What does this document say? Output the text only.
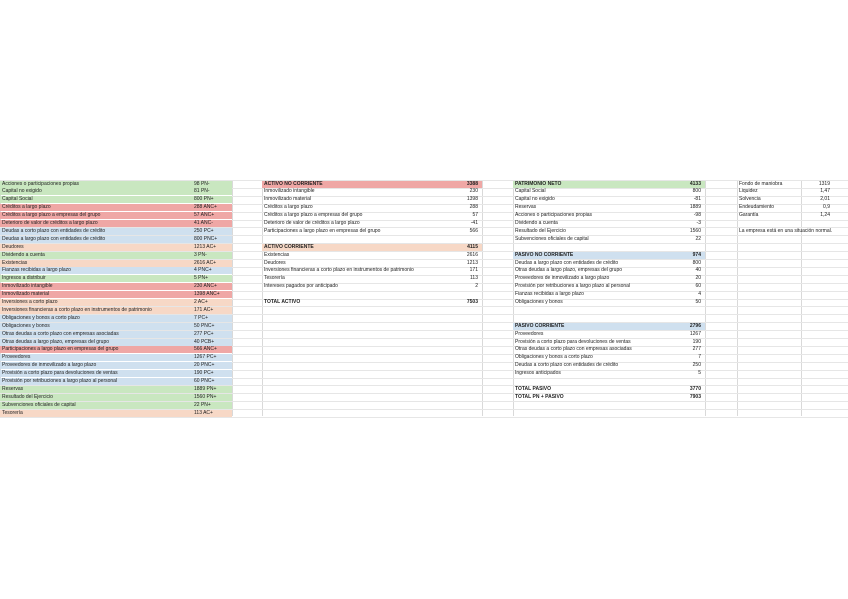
Acciones o participaciones propias	98 PN-
Capital no exigido	81 PN-
Capital Social	800 PN+
Créditos a largo plazo	288 ANC+
Créditos a largo plazo a empresas del grupo	57 ANC+
Deterioro de valor de créditos a largo plazo	41 ANC-
Deudas a corto plazo con entidades de crédito	250 PC+
Deudas a largo plazo con entidades de crédito	800 PNC+
Deudores	1213 AC+
Dividendo a cuenta	3 PN-
Existencias	2616 AC+
Fianzas recibidas a largo plazo	4 PNC+
Ingresos a distribuir	5 PN+
Inmovilizado intangible	230 ANC+
Inmovilizado material	1398 ANC+
Inversiones a corto plazo	2 AC+
Inversiones financieras a corto plazo en instrumentos de patrimonio	171 AC+
Obligaciones y bonos a corto plazo	7 PC+
Obligaciones y bonos	50 PNC+
Otras deudas a corto plazo con empresas asociadas	277 PC+
Otras deudas a largo plazo, empresas del grupo	40 PCB+
Participaciones a largo plazo en empresas del grupo	566 ANC+
Proveedores	1267 PC+
Proveedores de inmovilizado a largo plazo	20 PNC+
Provisión a corto plazo para devoluciones de ventas	190 PC+
Provisión por retribuciones a largo plazo al personal	60 PNC+
Reservas	1889 PN+
Resultado del Ejercicio	1560 PN+
Subvenciones oficiales de capital	22 PN+
Tesorería	113 AC+
ACTIVO NO CORRIENTE	3388
Inmovilizado intangible	230
Inmovilizado material	1398
Créditos a largo plazo	288
Créditos a largo plazo a empresas del grupo	57
Deterioro de valor de créditos a largo plazo	-41
Participaciones a largo plazo en empresas del grupo	566
ACTIVO CORRIENTE	4115
Existencias	2616
Deudores	1213
Inversiones financieras a corto plazo en instrumentos de patrimonio	171
Tesorería	113
Intereses pagados por anticipado	2
TOTAL ACTIVO	7503
PATRIMONIO NETO	4133
Capital Social	800
Capital no exigido	-81
Reservas	1889
Acciones o participaciones propias	-98
Dividendo a cuenta	-3
Resultado del Ejercicio	1560
Subvenciones oficiales de capital	22
PASIVO NO CORRIENTE	974
Deudas a largo plazo con entidades de crédito	800
Otras deudas a largo plazo, empresas del grupo	40
Proveedores de inmovilizado a largo plazo	20
Provisión por retribuciones a largo plazo al personal	60
Fianzas recibidas a largo plazo	4
Obligaciones y bonos	50
PASIVO CORRIENTE	2796
Proveedores	1267
Provisión a corto plazo para devoluciones de ventas	190
Otras deudas a corto plazo con empresas asociadas	277
Obligaciones y bonos a corto plazo	7
Deudas a corto plazo con entidades de crédito	250
Ingresos anticipados	5
TOTAL PASIVO	3770
TOTAL PN + PASIVO	7903
Fondo de maniobra	1319
Liquidez	1,47
Solvencia	2,01
Endeudamiento	0,9
Garantía	1,24
La empresa está en una situación normal.
